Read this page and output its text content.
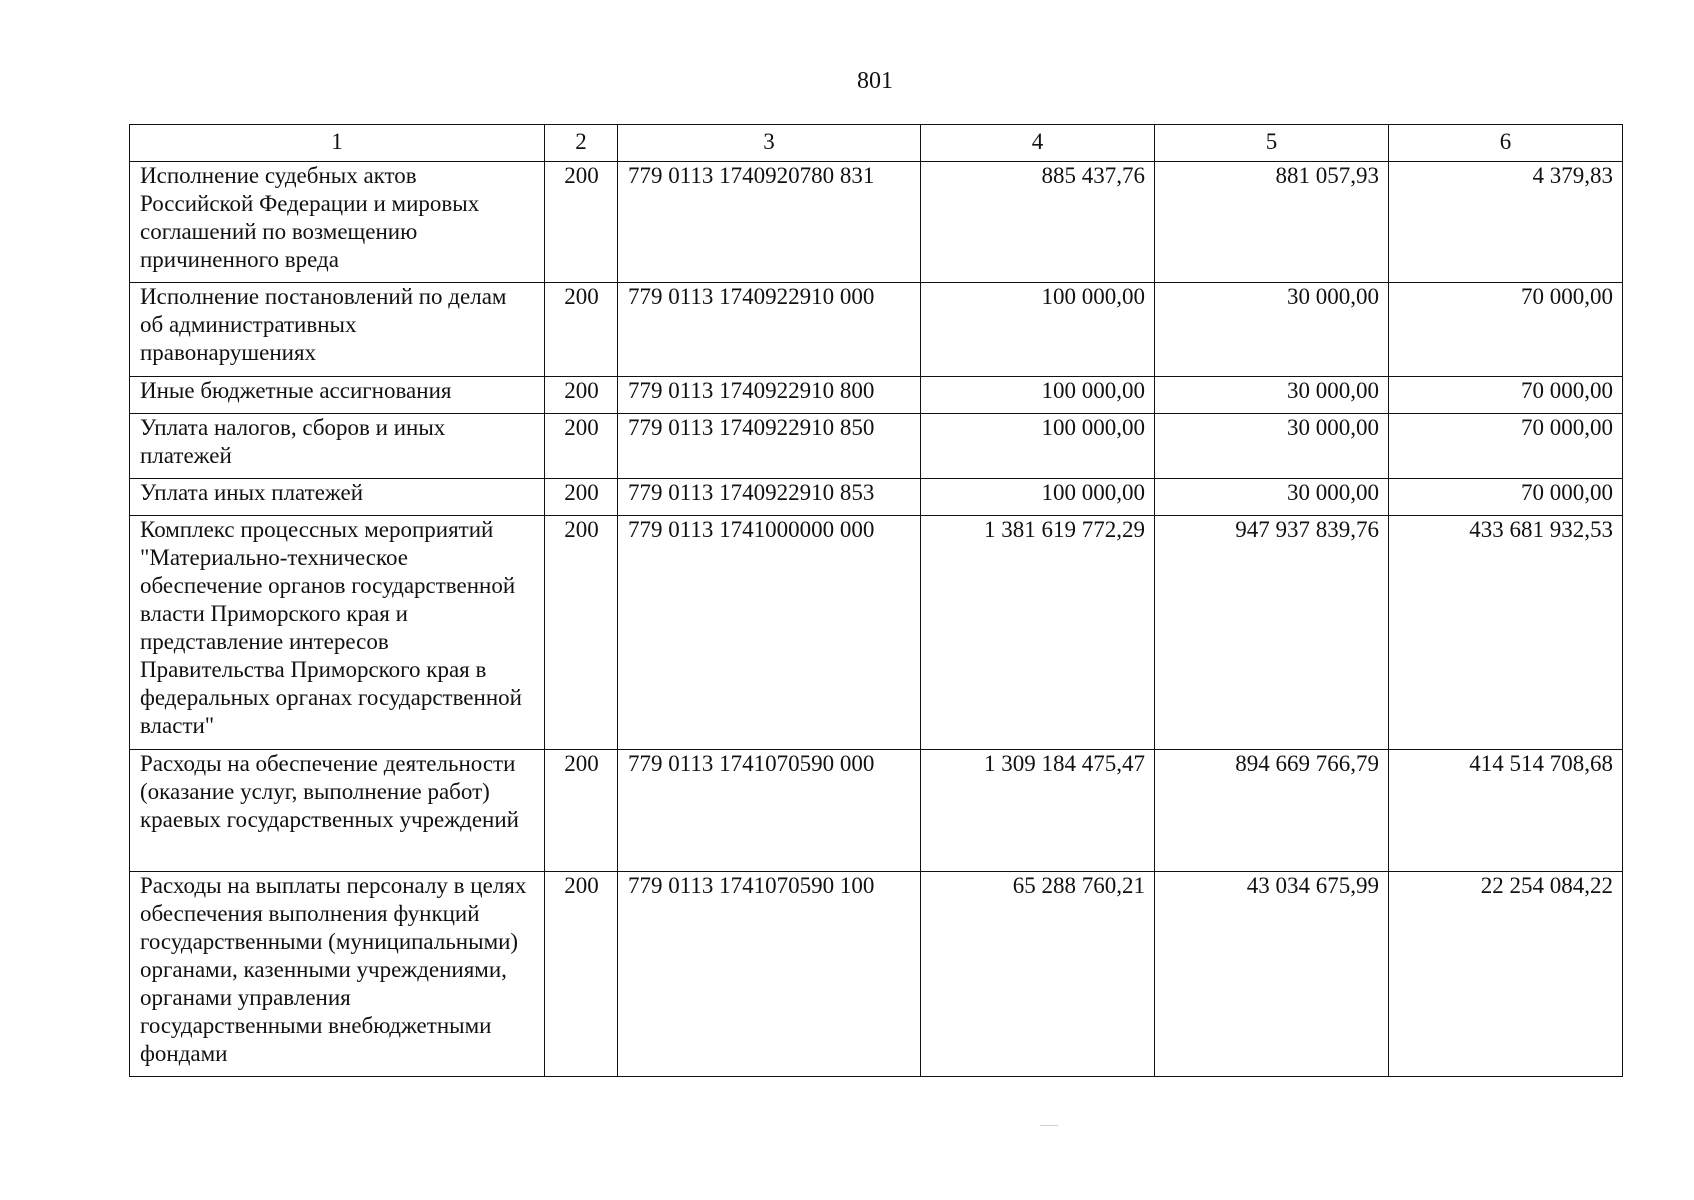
801
1	2	3	4	5	6
Исполнение судебных актов Российской Федерации и мировых соглашений по возмещению причиненного вреда	200	779 0113 1740920780 831	885 437,76	881 057,93	4 379,83
Исполнение постановлений по делам об административных правонарушениях	200	779 0113 1740922910 000	100 000,00	30 000,00	70 000,00
Иные бюджетные ассигнования	200	779 0113 1740922910 800	100 000,00	30 000,00	70 000,00
Уплата налогов, сборов и иных платежей	200	779 0113 1740922910 850	100 000,00	30 000,00	70 000,00
Уплата иных платежей	200	779 0113 1740922910 853	100 000,00	30 000,00	70 000,00
Комплекс процессных мероприятий "Материально-техническое обеспечение органов государственной власти Приморского края и представление интересов Правительства Приморского края в федеральных органах государственной власти"	200	779 0113 1741000000 000	1 381 619 772,29	947 937 839,76	433 681 932,53
Расходы на обеспечение деятельности (оказание услуг, выполнение работ) краевых государственных учреждений	200	779 0113 1741070590 000	1 309 184 475,47	894 669 766,79	414 514 708,68
Расходы на выплаты персоналу в целях обеспечения выполнения функций государственными (муниципальными) органами, казенными учреждениями, органами управления государственными внебюджетными фондами	200	779 0113 1741070590 100	65 288 760,21	43 034 675,99	22 254 084,22
